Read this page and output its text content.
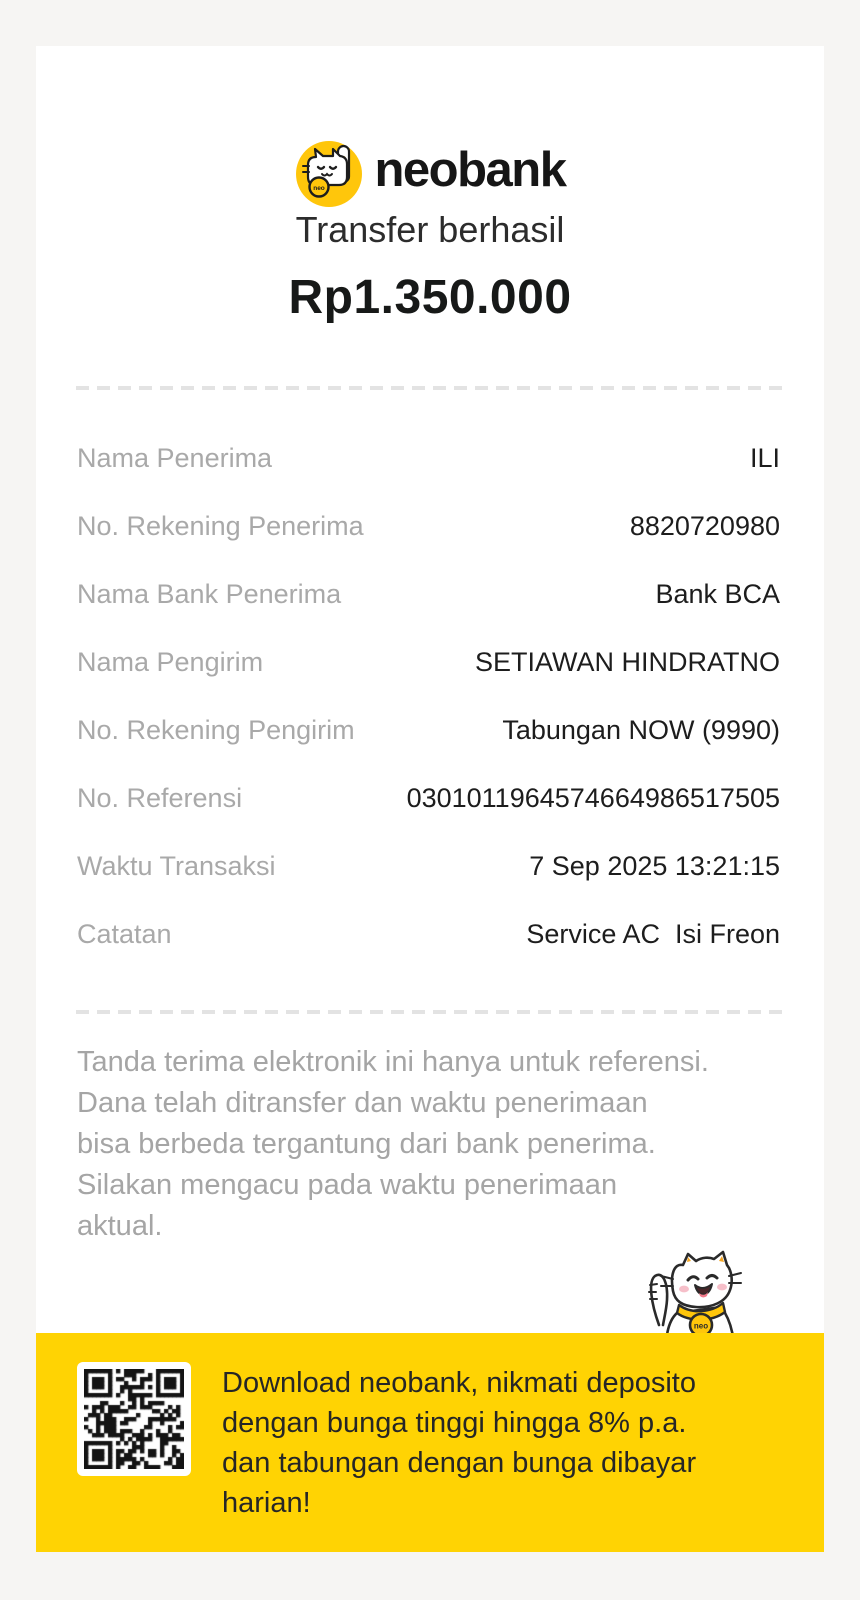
neo neobank
Transfer berhasil
Rp1.350.000
Nama Penerima	ILI
No. Rekening Penerima	8820720980
Nama Bank Penerima	Bank BCA
Nama Pengirim	SETIAWAN HINDRATNO
No. Rekening Pengirim	Tabungan NOW (9990)
No. Referensi	0301011964574664986517505
Waktu Transaksi	7 Sep 2025 13:21:15
Catatan	Service AC  Isi Freon
Tanda terima elektronik ini hanya untuk referensi.
Dana telah ditransfer dan waktu penerimaan
bisa berbeda tergantung dari bank penerima.
Silakan mengacu pada waktu penerimaan
aktual.
neo
Download neobank, nikmati deposito
dengan bunga tinggi hingga 8% p.a.
dan tabungan dengan bunga dibayar
harian!
